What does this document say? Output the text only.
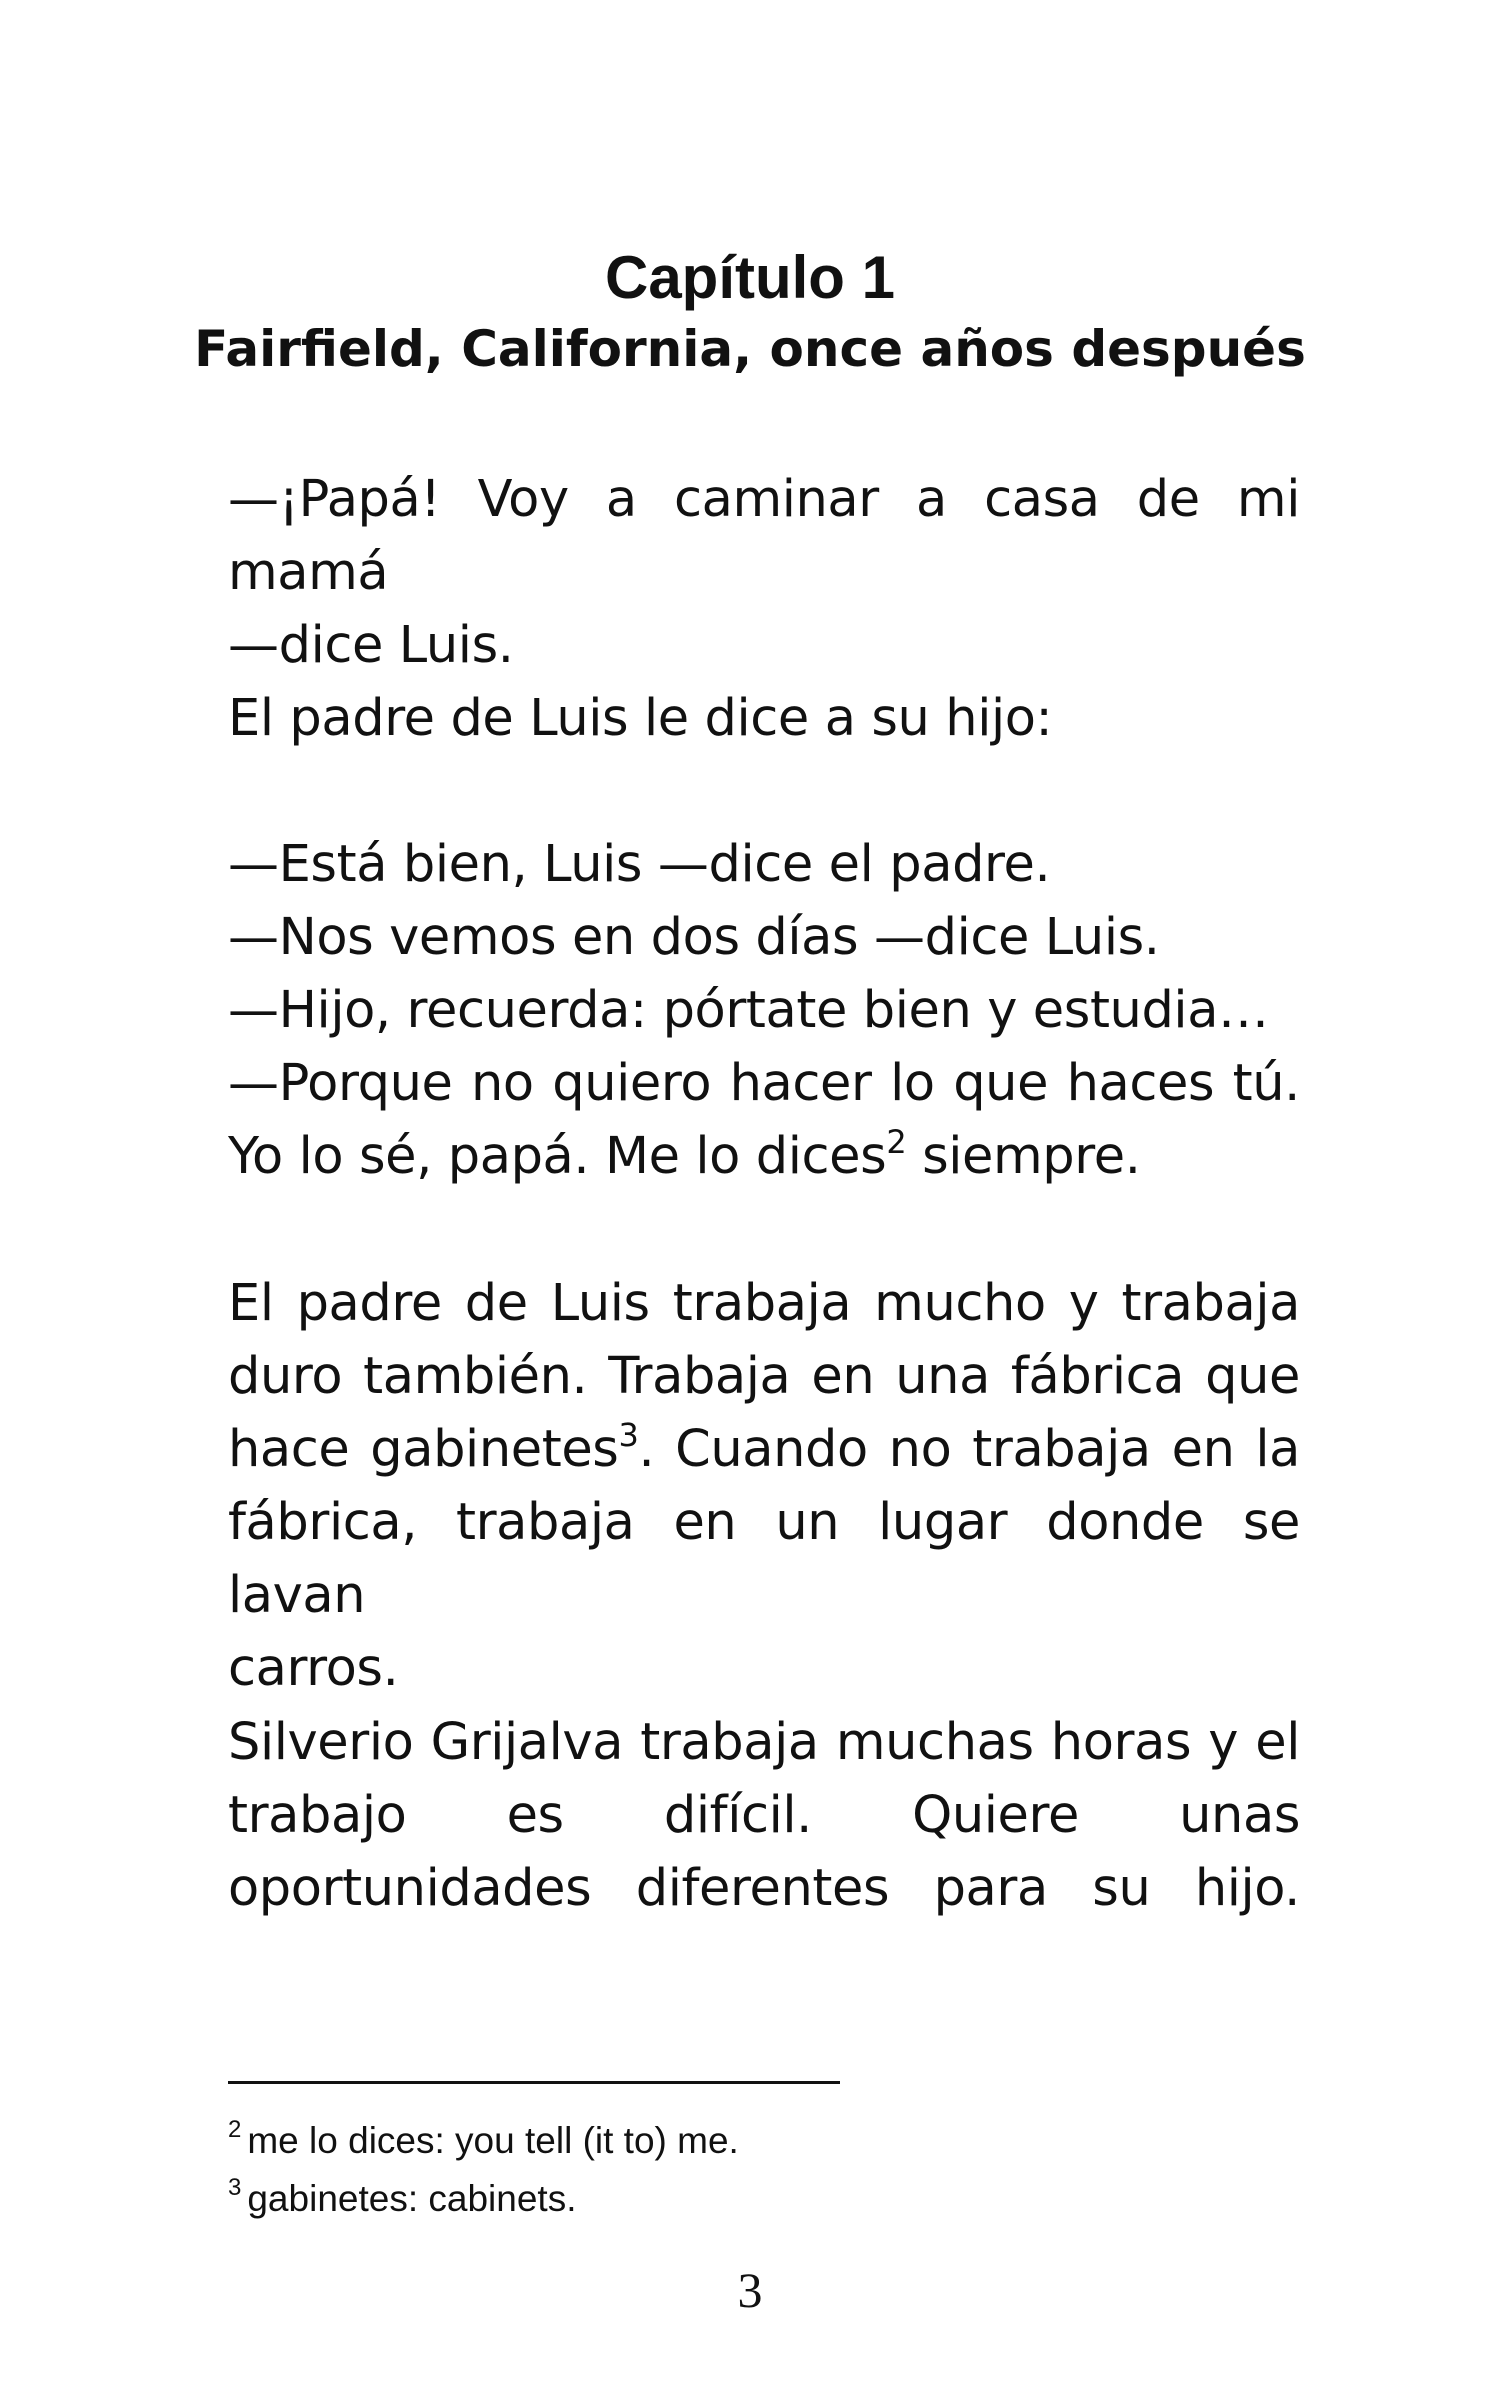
Capítulo 1
Fairfield, California, once años después
—¡Papá! Voy a caminar a casa de mi mamá
—dice Luis.
El padre de Luis le dice a su hijo:
—Está bien, Luis —dice el padre.
—Nos vemos en dos días —dice Luis.
—Hijo, recuerda: pórtate bien y estudia…
—Porque no quiero hacer lo que haces tú.
Yo lo sé, papá. Me lo dices$^2$ siempre.
El padre de Luis trabaja mucho y trabaja
duro también. Trabaja en una fábrica que
hace gabinetes$^3$. Cuando no trabaja en la
fábrica, trabaja en un lugar donde se lavan
carros.
Silverio Grijalva trabaja muchas horas y el
trabajo es difícil. Quiere unas
oportunidades diferentes para su hijo.
$^2$ me lo dices: you tell (it to) me.
$^3$ gabinetes: cabinets.
3
